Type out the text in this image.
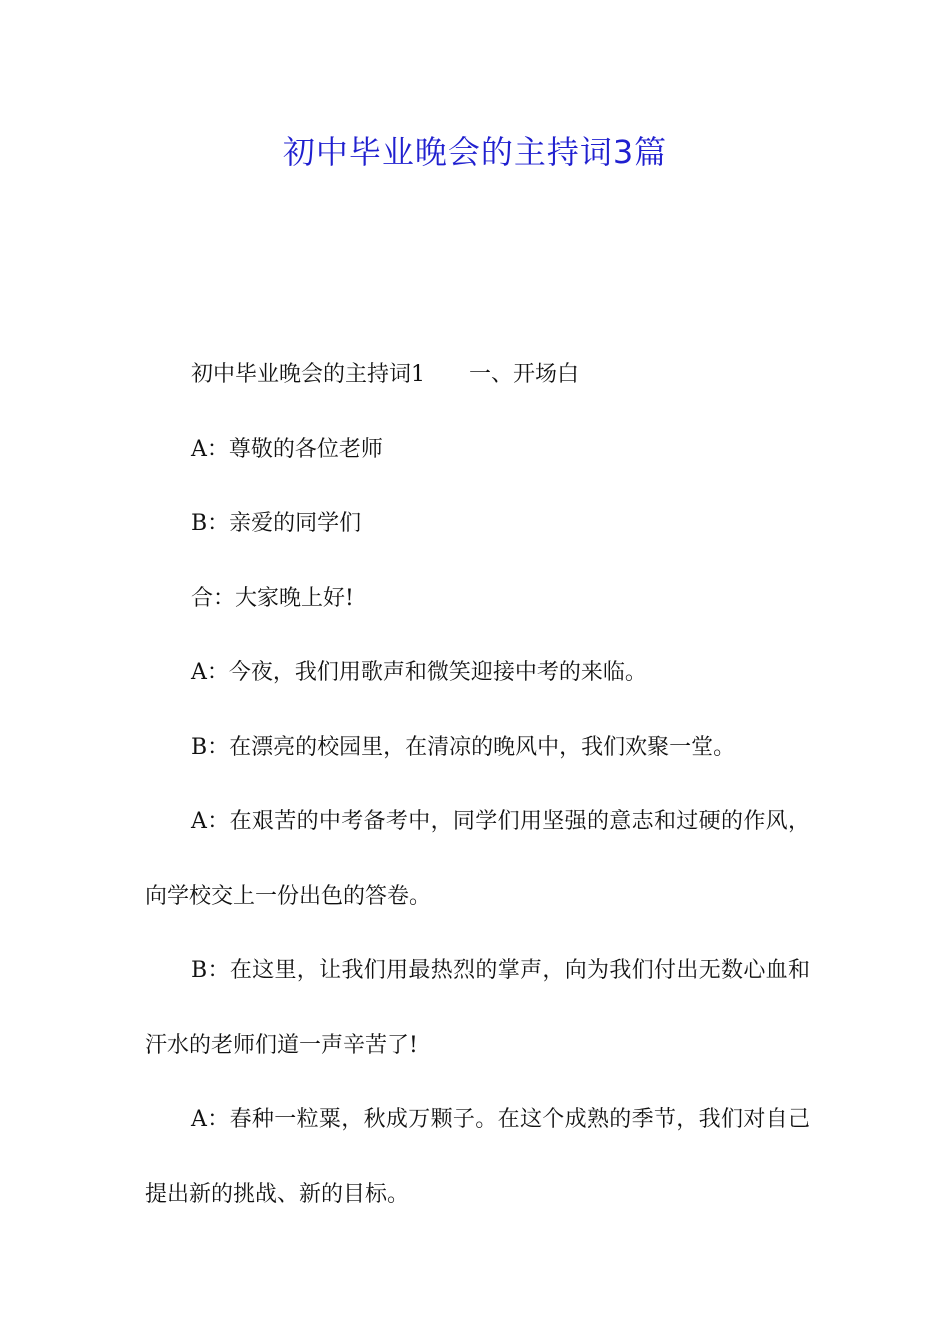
初中毕业晚会的主持词3篇

初中毕业晚会的主持词1　　一、开场白

A：尊敬的各位老师

B：亲爱的同学们

合：大家晚上好!

A：今夜，我们用歌声和微笑迎接中考的来临。

B：在漂亮的校园里，在清凉的晚风中，我们欢聚一堂。

A：在艰苦的中考备考中，同学们用坚强的意志和过硬的作风，向学校交上一份出色的答卷。

B：在这里，让我们用最热烈的掌声，向为我们付出无数心血和汗水的老师们道一声辛苦了!

A：春种一粒粟，秋成万颗子。在这个成熟的季节，我们对自己提出新的挑战、新的目标。
